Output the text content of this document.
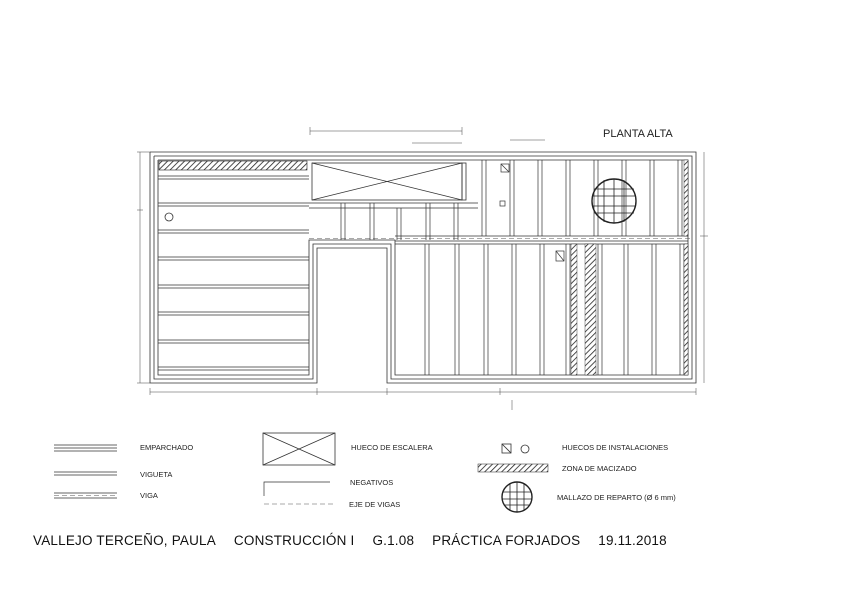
PLANTA ALTA
EMPARCHADO
VIGUETA
VIGA
HUECO DE ESCALERA
NEGATIVOS
EJE DE VIGAS
HUECOS DE INSTALACIONES
ZONA DE MACIZADO
MALLAZO DE REPARTO (Ø 6 mm)
VALLEJO TERCEÑO, PAULA CONSTRUCCIÓN I G.1.08 PRÁCTICA FORJADOS 19.11.2018
